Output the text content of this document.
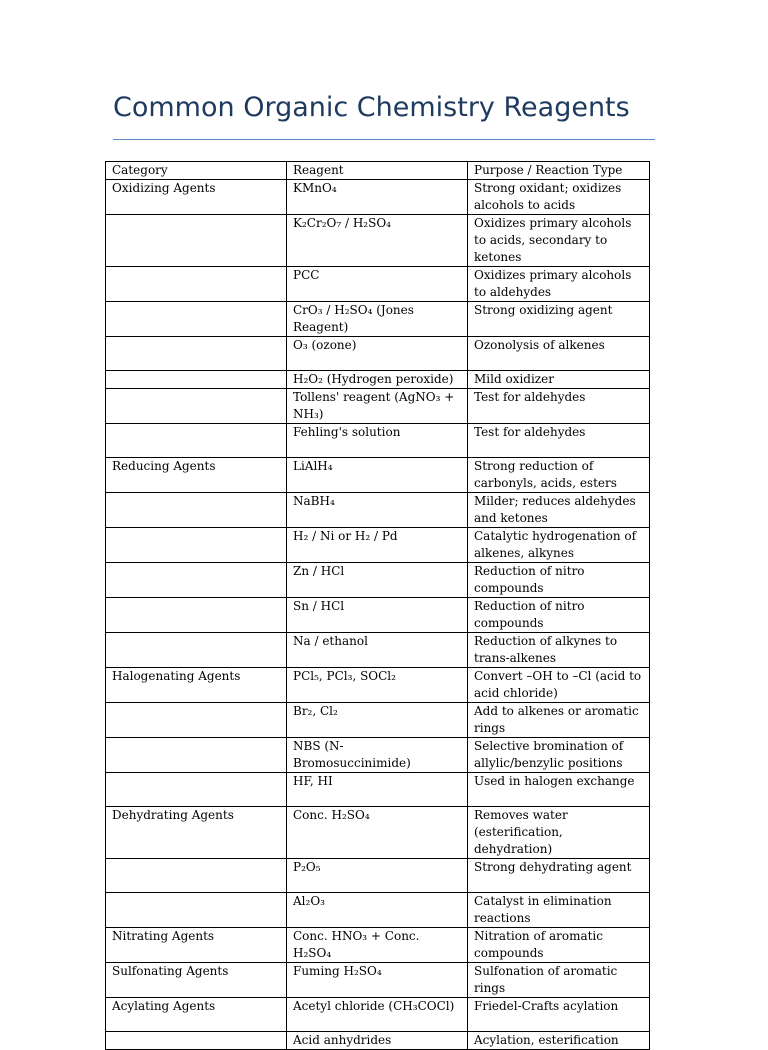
Common Organic Chemistry Reagents
Category	Reagent	Purpose / Reaction Type
Oxidizing Agents	KMnO₄	Strong oxidant; oxidizes alcohols to acids
	K₂Cr₂O₇ / H₂SO₄	Oxidizes primary alcohols to acids, secondary to ketones
	PCC	Oxidizes primary alcohols to aldehydes
	CrO₃ / H₂SO₄ (Jones Reagent)	Strong oxidizing agent
	O₃ (ozone)	Ozonolysis of alkenes
	H₂O₂ (Hydrogen peroxide)	Mild oxidizer
	Tollens' reagent (AgNO₃ + NH₃)	Test for aldehydes
	Fehling's solution	Test for aldehydes
Reducing Agents	LiAlH₄	Strong reduction of carbonyls, acids, esters
	NaBH₄	Milder; reduces aldehydes and ketones
	H₂ / Ni or H₂ / Pd	Catalytic hydrogenation of alkenes, alkynes
	Zn / HCl	Reduction of nitro compounds
	Sn / HCl	Reduction of nitro compounds
	Na / ethanol	Reduction of alkynes to trans-alkenes
Halogenating Agents	PCl₅, PCl₃, SOCl₂	Convert –OH to –Cl (acid to acid chloride)
	Br₂, Cl₂	Add to alkenes or aromatic rings
	NBS (N-Bromosuccinimide)	Selective bromination of allylic/benzylic positions
	HF, HI	Used in halogen exchange
Dehydrating Agents	Conc. H₂SO₄	Removes water (esterification, dehydration)
	P₂O₅	Strong dehydrating agent
	Al₂O₃	Catalyst in elimination reactions
Nitrating Agents	Conc. HNO₃ + Conc. H₂SO₄	Nitration of aromatic compounds
Sulfonating Agents	Fuming H₂SO₄	Sulfonation of aromatic rings
Acylating Agents	Acetyl chloride (CH₃COCl)	Friedel-Crafts acylation
	Acid anhydrides	Acylation, esterification
